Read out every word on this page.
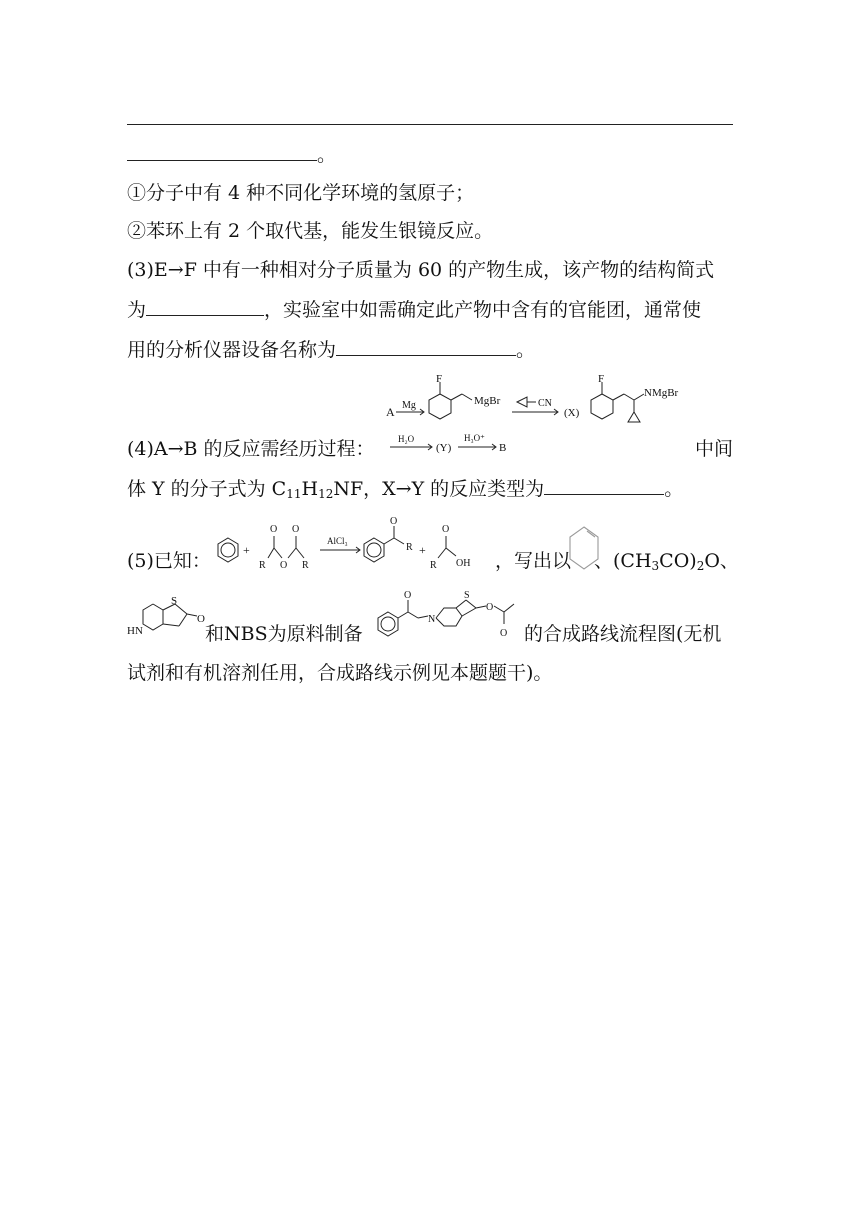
。
①分子中有 4 种不同化学环境的氢原子；
②苯环上有 2 个取代基，能发生银镜反应。
(3)E→F 中有一种相对分子质量为 60 的产物生成，该产物的结构简式
为	，实验室中如需确定此产物中含有的官能团，通常使
用的分析仪器设备名称为	。
(4)A→B 的反应需经历过程：	中间
A Mg
F
MgBr	CN
(X)
F
NMgBr
H₂O
(Y)
H₃O⁺
B
体 Y 的分子式为 $C_{11}H_{12}NF$，X→Y 的反应类型为	。
(5)已知：	+
O O
R O R
AlCl₃
O
R +
O
R OH ，写出以 、$(CH_3CO)_2O$、
S
O
HN	和NBS为原料制备
O
N
S
O
O 的合成路线流程图(无机
试剂和有机溶剂任用，合成路线示例见本题题干)。
